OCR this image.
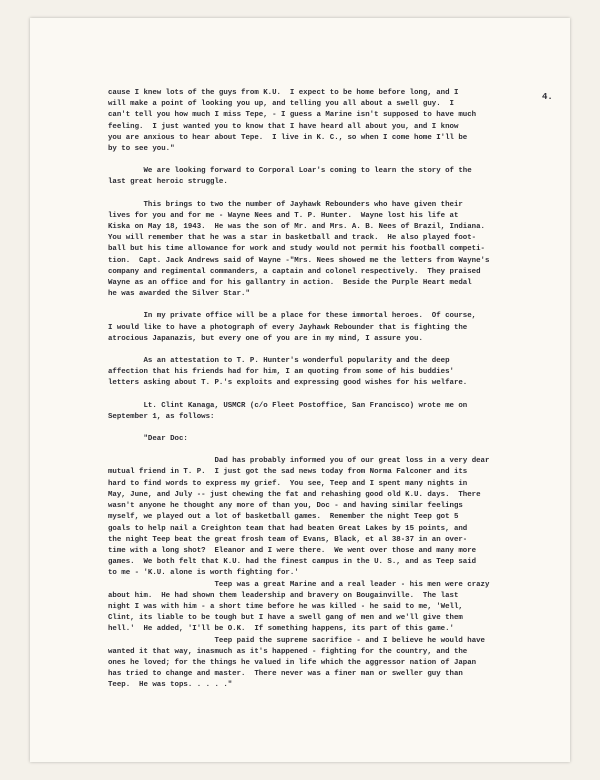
4.

cause I knew lots of the guys from K.U.  I expect to be home before long, and I
will make a point of looking you up, and telling you all about a swell guy.  I
can't tell you how much I miss Tepe, - I guess a Marine isn't supposed to have much
feeling.  I just wanted you to know that I have heard all about you, and I know
you are anxious to hear about Tepe.  I live in K. C., so when I come home I'll be
by to see you."

We are looking forward to Corporal Loar's coming to learn the story of the
last great heroic struggle.

This brings to two the number of Jayhawk Rebounders who have given their
lives for you and for me - Wayne Nees and T. P. Hunter.  Wayne lost his life at
Kiska on May 18, 1943.  He was the son of Mr. and Mrs. A. B. Nees of Brazil, Indiana.
You will remember that he was a star in basketball and track.  He also played foot-
ball but his time allowance for work and study would not permit his football competi-
tion.  Capt. Jack Andrews said of Wayne -"Mrs. Nees showed me the letters from Wayne's
company and regimental commanders, a captain and colonel respectively.  They praised
Wayne as an office and for his gallantry in action.  Beside the Purple Heart medal
he was awarded the Silver Star."

In my private office will be a place for these immortal heroes.  Of course,
I would like to have a photograph of every Jayhawk Rebounder that is fighting the
atrocious Japanazis, but every one of you are in my mind, I assure you.

As an attestation to T. P. Hunter's wonderful popularity and the deep
affection that his friends had for him, I am quoting from some of his buddies'
letters asking about T. P.'s exploits and expressing good wishes for his welfare.

Lt. Clint Kanaga, USMCR (c/o Fleet Postoffice, San Francisco) wrote me on
September 1, as follows:

"Dear Doc:

Dad has probably informed you of our great loss in a very dear
mutual friend in T. P.  I just got the sad news today from Norma Falconer and its
hard to find words to express my grief.  You see, Teep and I spent many nights in
May, June, and July -- just chewing the fat and rehashing good old K.U. days.  There
wasn't anyone he thought any more of than you, Doc - and having similar feelings
myself, we played out a lot of basketball games.  Remember the night Teep got 5
goals to help nail a Creighton team that had beaten Great Lakes by 15 points, and
the night Teep beat the great frosh team of Evans, Black, et al 38-37 in an over-
time with a long shot?  Eleanor and I were there.  We went over those and many more
games.  We both felt that K.U. had the finest campus in the U. S., and as Teep said
to me - 'K.U. alone is worth fighting for.'

Teep was a great Marine and a real leader - his men were crazy
about him.  He had shown them leadership and bravery on Bougainville.  The last
night I was with him - a short time before he was killed - he said to me, 'Well,
Clint, its liable to be tough but I have a swell gang of men and we'll give them
hell.'  He added, 'I'll be O.K.  If something happens, its part of this game.'

Teep paid the supreme sacrifice - and I believe he would have
wanted it that way, inasmuch as it's happened - fighting for the country, and the
ones he loved; for the things he valued in life which the aggressor nation of Japan
has tried to change and master.  There never was a finer man or sweller guy than
Teep.  He was tops. . . . ."
